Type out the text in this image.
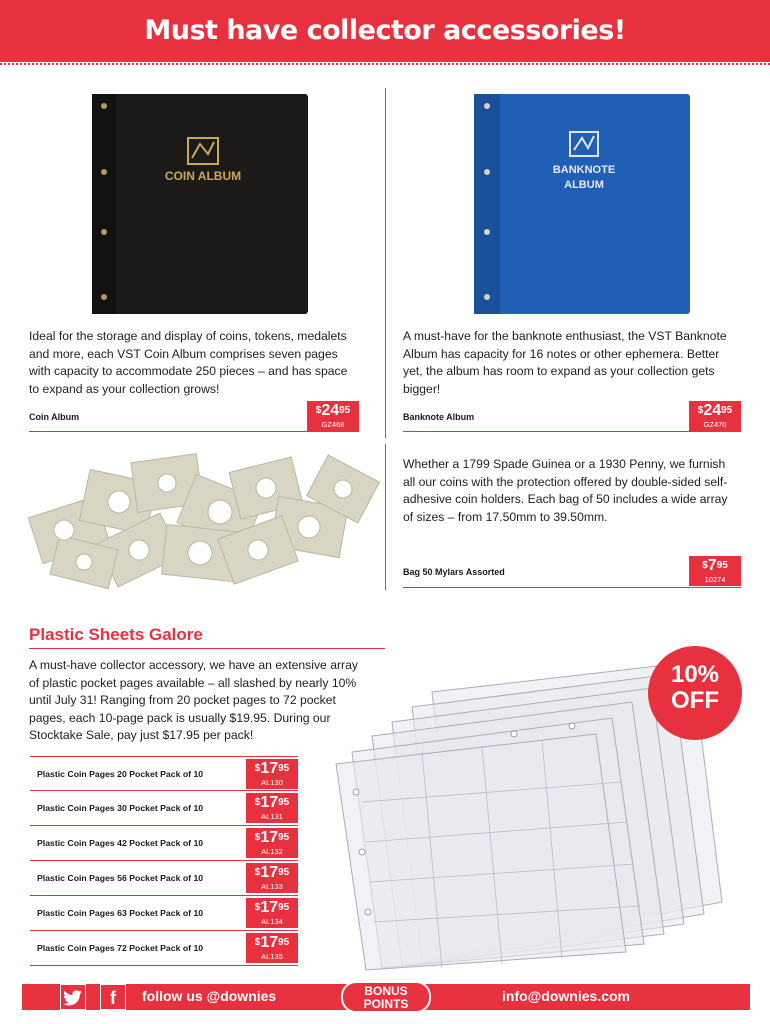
Must have collector accessories!
COIN ALBUM	BANKNOTE
ALBUM

Ideal for the storage and display of coins, tokens, medalets and more, each VST Coin Album comprises seven pages with capacity to accommodate 250 pieces – and has space to expand as your collection grows!

Coin Album
$^{\$}24^{95}$
GZ468

A must-have for the banknote enthusiast, the VST Banknote Album has capacity for 16 notes or other ephemera. Better yet, the album has room to expand as your collection gets bigger!

Banknote Album
$^{\$}24^{95}$
GZ470

Whether a 1799 Spade Guinea or a 1930 Penny, we furnish all our coins with the protection offered by double-sided self-adhesive coin holders. Each bag of 50 includes a wide array of sizes – from 17.50mm to 39.50mm.

Bag 50 Mylars Assorted
$^{\$}7^{95}$
10274
Plastic Sheets Galore

A must-have collector accessory, we have an extensive array of plastic pocket pages available – all slashed by nearly 10% until July 31! Ranging from 20 pocket pages to 72 pocket pages, each 10-page pack is usually $19.95. During our Stocktake Sale, pay just $17.95 per pack!

10%
OFF
Plastic Coin Pages 20 Pocket Pack of 10	$^{\$}17^{95}$
AL130
Plastic Coin Pages 30 Pocket Pack of 10	$^{\$}17^{95}$
AL131
Plastic Coin Pages 42 Pocket Pack of 10	$^{\$}17^{95}$
AL132
Plastic Coin Pages 56 Pocket Pack of 10	$^{\$}17^{95}$
AL133
Plastic Coin Pages 63 Pocket Pack of 10	$^{\$}17^{95}$
AL134
Plastic Coin Pages 72 Pocket Pack of 10	$^{\$}17^{95}$
AL135
f	follow us @downies	BONUS
POINTS	info@downies.com
